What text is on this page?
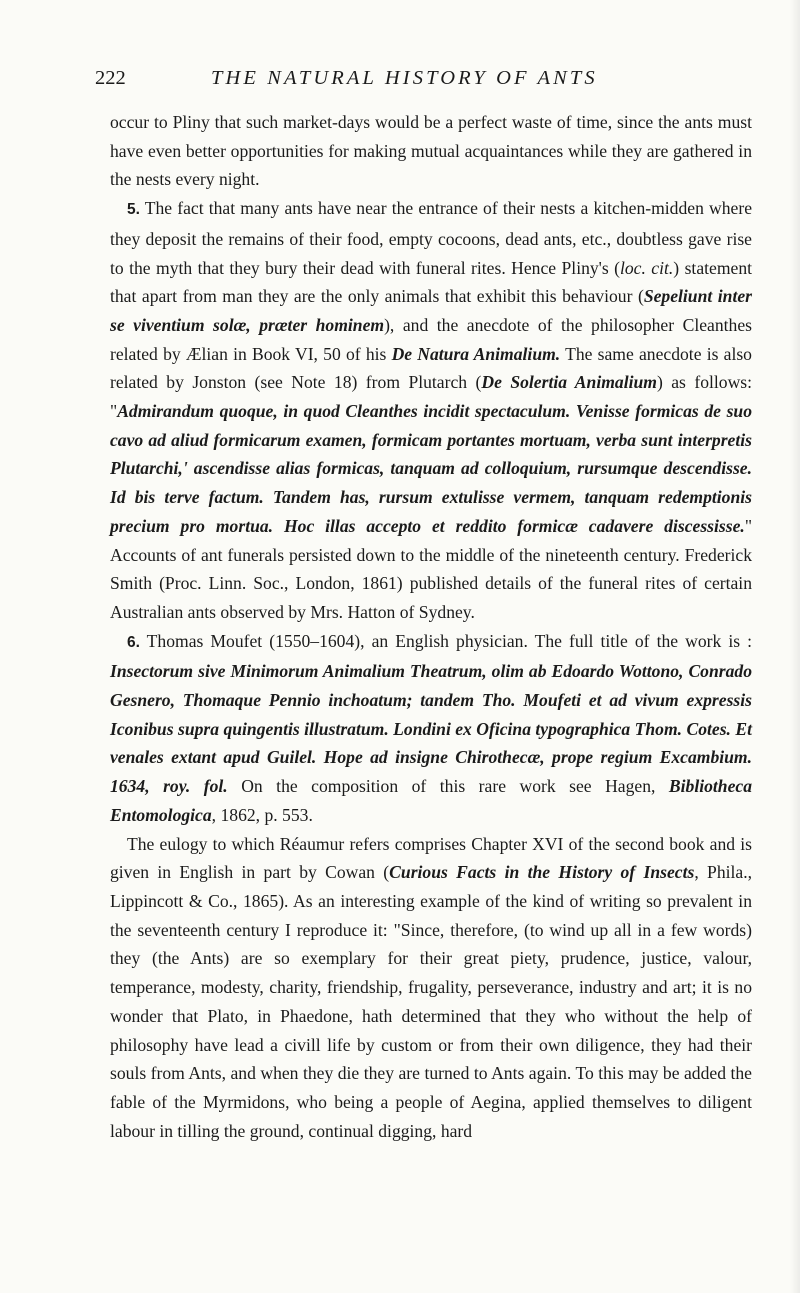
222	THE NATURAL HISTORY OF ANTS

occur to Pliny that such market-days would be a perfect waste of time, since the ants must have even better opportunities for making mutual acquaintances while they are gathered in the nests every night.

5. The fact that many ants have near the entrance of their nests a kitchen-midden where they deposit the remains of their food, empty cocoons, dead ants, etc., doubtless gave rise to the myth that they bury their dead with funeral rites. Hence Pliny's (loc. cit.) statement that apart from man they are the only animals that exhibit this behaviour (Sepeliunt inter se viventium solæ, præter hominem), and the anecdote of the philosopher Cleanthes related by Ælian in Book VI, 50 of his De Natura Animalium. The same anecdote is also related by Jonston (see Note 18) from Plutarch (De Solertia Animalium) as follows: "Admirandum quoque, in quod Cleanthes incidit spectaculum. Venisse formicas de suo cavo ad aliud formicarum examen, formicam portantes mortuam, verba sunt interpretis Plutarchi,' ascendisse alias formicas, tanquam ad colloquium, rursumque descendisse. Id bis terve factum. Tandem has, rursum extulisse vermem, tanquam redemptionis precium pro mortua. Hoc illas accepto et reddito formicæ cadavere discessisse." Accounts of ant funerals persisted down to the middle of the nineteenth century. Frederick Smith (Proc. Linn. Soc., London, 1861) published details of the funeral rites of certain Australian ants observed by Mrs. Hatton of Sydney.

6. Thomas Moufet (1550–1604), an English physician. The full title of the work is : Insectorum sive Minimorum Animalium Theatrum, olim ab Edoardo Wottono, Conrado Gesnero, Thomaque Pennio inchoatum; tandem Tho. Moufeti et ad vivum expressis Iconibus supra quingentis illustratum. Londini ex Oficina typographica Thom. Cotes. Et venales extant apud Guilel. Hope ad insigne Chirothecæ, prope regium Excambium. 1634, roy. fol. On the composition of this rare work see Hagen, Bibliotheca Entomologica, 1862, p. 553.

The eulogy to which Réaumur refers comprises Chapter XVI of the second book and is given in English in part by Cowan (Curious Facts in the History of Insects, Phila., Lippincott & Co., 1865). As an interesting example of the kind of writing so prevalent in the seventeenth century I reproduce it: "Since, therefore, (to wind up all in a few words) they (the Ants) are so exemplary for their great piety, prudence, justice, valour, temperance, modesty, charity, friendship, frugality, perseverance, industry and art; it is no wonder that Plato, in Phaedone, hath determined that they who without the help of philosophy have lead a civill life by custom or from their own diligence, they had their souls from Ants, and when they die they are turned to Ants again. To this may be added the fable of the Myrmidons, who being a people of Aegina, applied themselves to diligent labour in tilling the ground, continual digging, hard
